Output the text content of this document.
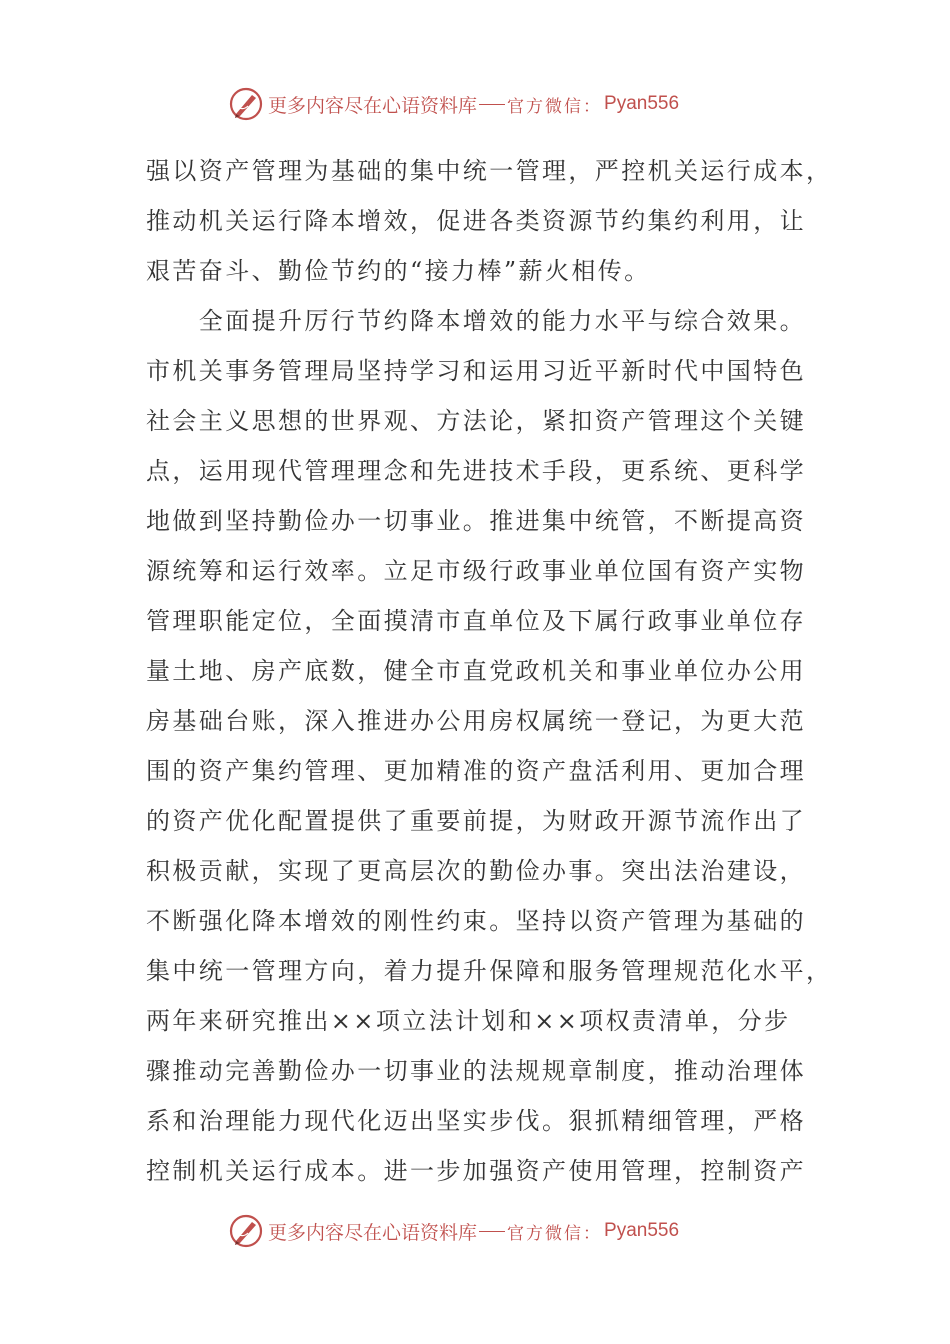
更多内容尽在心语资料库 官方微信： Pyan556
强以资产管理为基础的集中统一管理，严控机关运行成本，
推动机关运行降本增效，促进各类资源节约集约利用，让
艰苦奋斗、勤俭节约的“接力棒”薪火相传。
　　全面提升厉行节约降本增效的能力水平与综合效果。
市机关事务管理局坚持学习和运用习近平新时代中国特色
社会主义思想的世界观、方法论，紧扣资产管理这个关键
点，运用现代管理理念和先进技术手段，更系统、更科学
地做到坚持勤俭办一切事业。推进集中统管，不断提高资
源统筹和运行效率。立足市级行政事业单位国有资产实物
管理职能定位，全面摸清市直单位及下属行政事业单位存
量土地、房产底数，健全市直党政机关和事业单位办公用
房基础台账，深入推进办公用房权属统一登记，为更大范
围的资产集约管理、更加精准的资产盘活利用、更加合理
的资产优化配置提供了重要前提，为财政开源节流作出了
积极贡献，实现了更高层次的勤俭办事。突出法治建设，
不断强化降本增效的刚性约束。坚持以资产管理为基础的
集中统一管理方向，着力提升保障和服务管理规范化水平，
两年来研究推出××项立法计划和××项权责清单，分步
骤推动完善勤俭办一切事业的法规规章制度，推动治理体
系和治理能力现代化迈出坚实步伐。狠抓精细管理，严格
控制机关运行成本。进一步加强资产使用管理，控制资产
更多内容尽在心语资料库 官方微信： Pyan556
